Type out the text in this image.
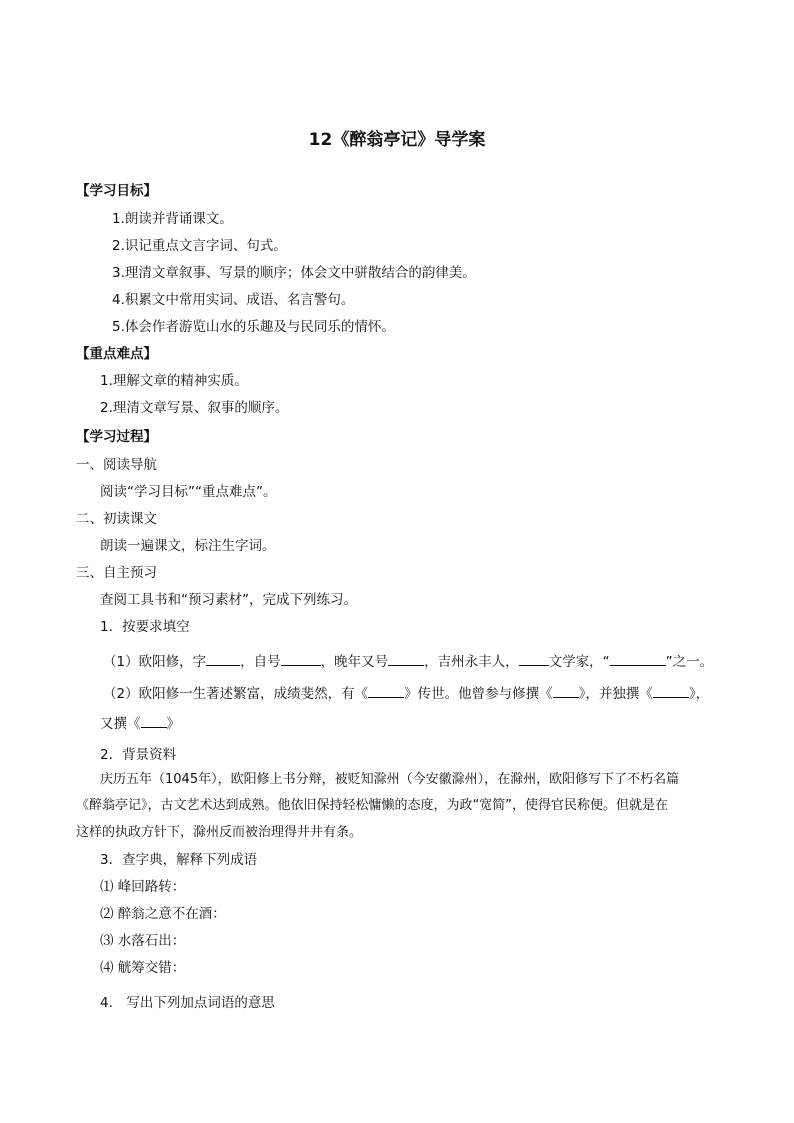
12《醉翁亭记》导学案
【学习目标】
1.朗读并背诵课文。
2.识记重点文言字词、句式。
3.理清文章叙事、写景的顺序；体会文中骈散结合的韵律美。
4.积累文中常用实词、成语、名言警句。
5.体会作者游览山水的乐趣及与民同乐的情怀。
【重点难点】
1.理解文章的精神实质。
2.理清文章写景、叙事的顺序。
【学习过程】
一、阅读导航
阅读“学习目标”“重点难点”。
二、初读课文
朗读一遍课文，标注生字词。
三、自主预习
查阅工具书和“预习素材”，完成下列练习。
1．按要求填空
（1）欧阳修，字	，自号	，晚年又号	，吉州永丰人， 文学家，“	”之一。
（2）欧阳修一生著述繁富，成绩斐然，有《	》传世。他曾参与修撰《 》，并独撰《	》，
又撰《 》
2．背景资料
庆历五年（1045年），欧阳修上书分辩，被贬知滁州（今安徽滁州），在滁州，欧阳修写下了不朽名篇
《醉翁亭记》，古文艺术达到成熟。他依旧保持轻松慵懒的态度，为政“宽简”，使得官民称便。但就是在
这样的执政方针下，滁州反而被治理得井井有条。
3．查字典，解释下列成语
⑴ 峰回路转：
⑵ 醉翁之意不在酒：
⑶ 水落石出：
⑷ 觥筹交错：
4.　写出下列加点词语的意思
